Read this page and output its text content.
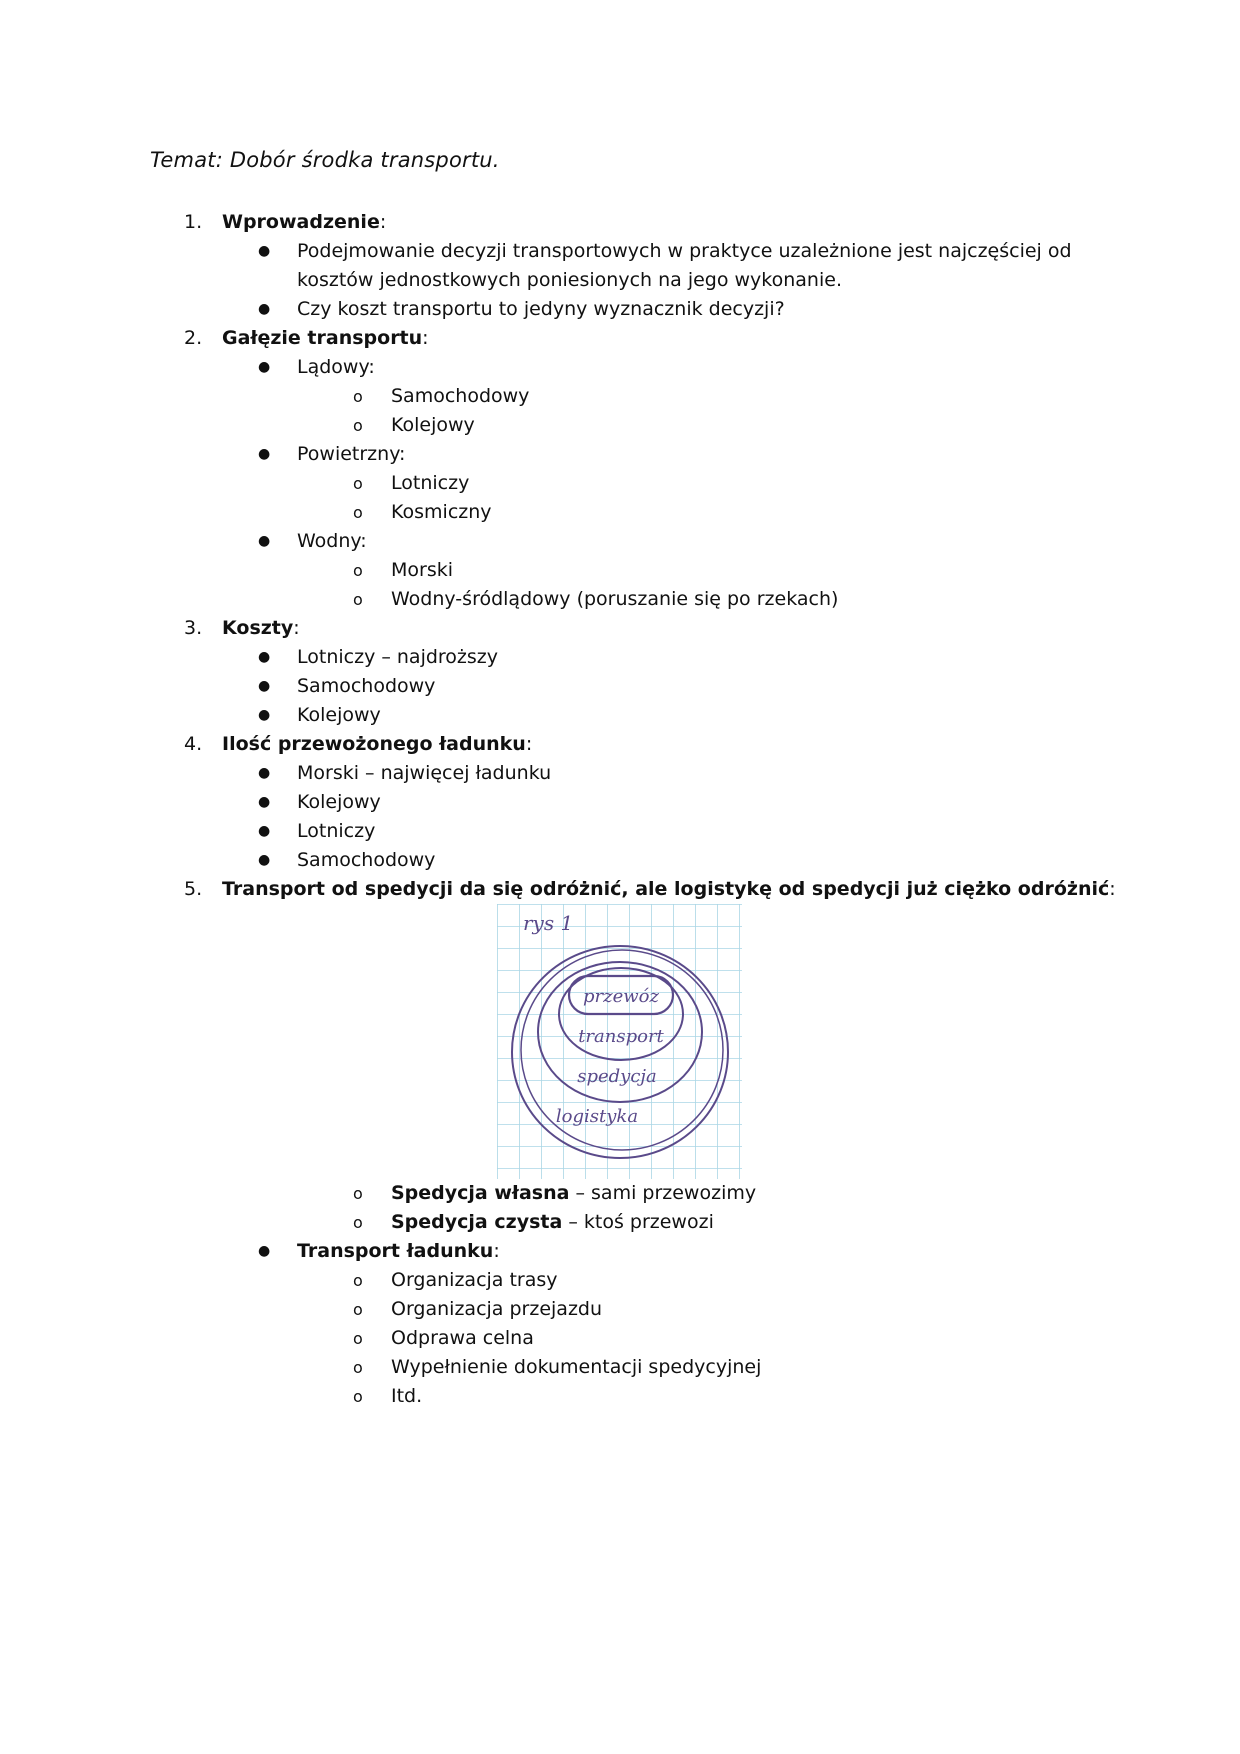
Temat: Dobór środka transportu.
1.	Wprowadzenie:
● Podejmowanie decyzji transportowych w praktyce uzależnione jest najczęściej od
kosztów jednostkowych poniesionych na jego wykonanie.
● Czy koszt transportu to jedyny wyznacznik decyzji?
2.	Gałęzie transportu:
● Lądowy:
o Samochodowy
o Kolejowy
● Powietrzny:
o Lotniczy
o Kosmiczny
● Wodny:
o Morski
o Wodny-śródlądowy (poruszanie się po rzekach)
3.	Koszty:
● Lotniczy – najdroższy
● Samochodowy
● Kolejowy
4.	Ilość przewożonego ładunku:
● Morski – najwięcej ładunku
● Kolejowy
● Lotniczy
● Samochodowy
5.	Transport od spedycji da się odróżnić, ale logistykę od spedycji już ciężko odróżnić:
rys 1
przewóz
transport
spedycja
logistyka
o Spedycja własna – sami przewozimy
o Spedycja czysta – ktoś przewozi
● Transport ładunku:
o Organizacja trasy
o Organizacja przejazdu
o Odprawa celna
o Wypełnienie dokumentacji spedycyjnej
o Itd.
